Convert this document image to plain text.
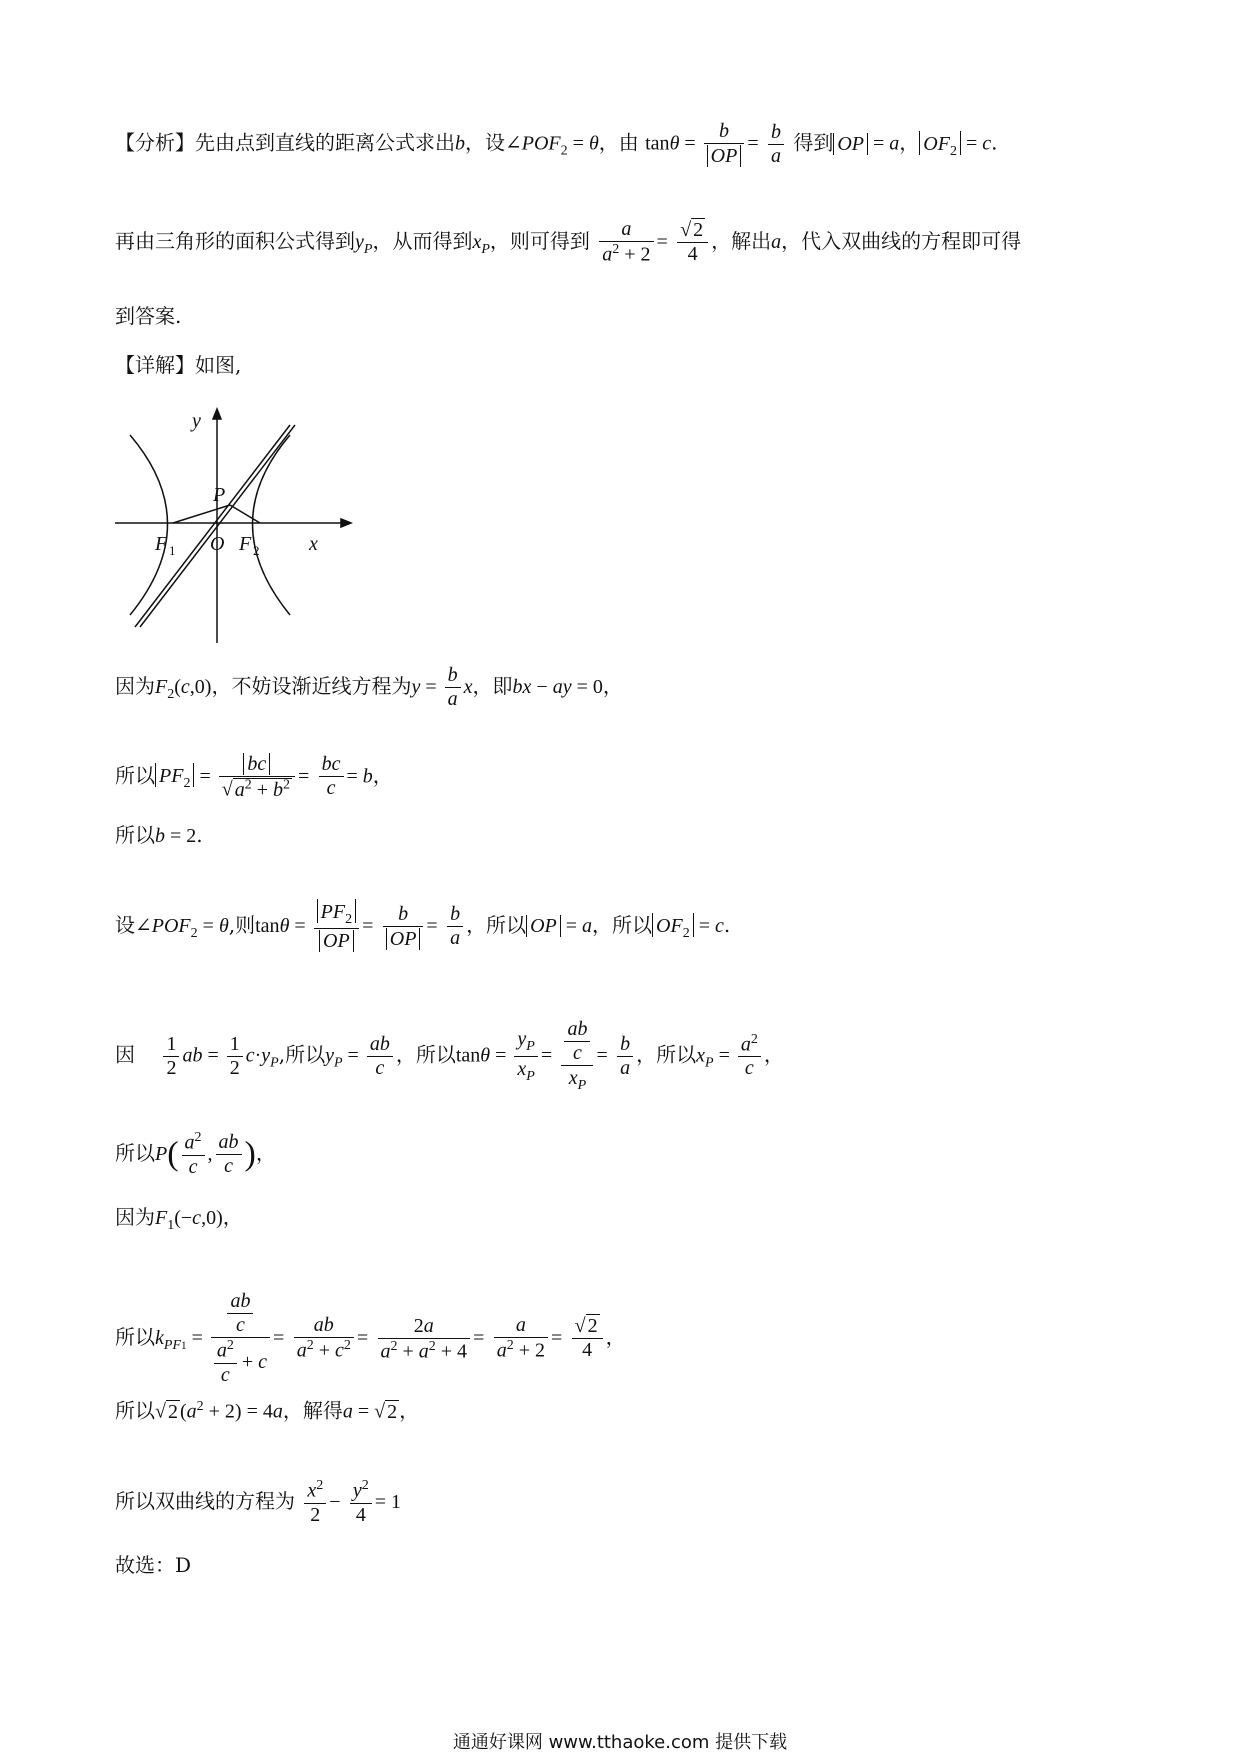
【分析】先由点到直线的距离公式求出b，设$\angle POF_2 = \theta$，由 $\tan\theta = \frac{b}{OP} = \frac{b}{a}$ 得到 OP = a， $OF_2 = c$.
再由三角形的面积公式得到$y_P$，从而得到$x_P$，则可得到 $\frac{a}{a^2 + 2} = \frac{√ 2}{4}$ ，解出a，代入双曲线的方程即可得
到答案.
【详解】如图,
y
x
P
O
F 1	F 2
因为$F_2(c,0)$，不妨设渐近线方程为$y = \frac{b}{a}$ x，即bx − ay = 0，
所以 $PF_2 = \frac{bc}{√ a^2 + b^2} = \frac{bc}{c} = b$，
所以b = 2.
设$\angle POF_2 = \theta$,则$\tan\theta = \frac{PF_2}{OP} = \frac{b}{OP} = \frac{b}{a}$ ，所以 OP = a，所以 $OF_2 = c$.
因 $\frac{1}{2}$ ab = $\frac{1}{2} c\cdot y_P$,所以$y_P = \frac{ab}{c}$ ，所以$\tan\theta = \frac{y_P}{x_P} = \frac{\frac{ab}{c}}{x_P} = \frac{b}{a}$ ，所以$x_P = \frac{a^2}{c}$ ，
所以$P( \frac{a^2}{c}$ , $\frac{ab}{c}$ )，
因为$F_1(-c,0)$，
所以$k_{PF1} = \frac{\frac{ab}{c}}{\frac{a^2}{c} + c} = \frac{ab}{a^2 + c^2} = \frac{2a}{a^2 + a^2 + 4} = \frac{a}{a^2 + 2} = \frac{√ 2}{4}$ ，
所以√ 2 $(a^2 + 2) = 4a$，解得a = √ 2 ，
所以双曲线的方程为 $\frac{x^2}{2} - \frac{y^2}{4} = 1$
故选：D
通通好课网 www.tthaoke.com 提供下载
